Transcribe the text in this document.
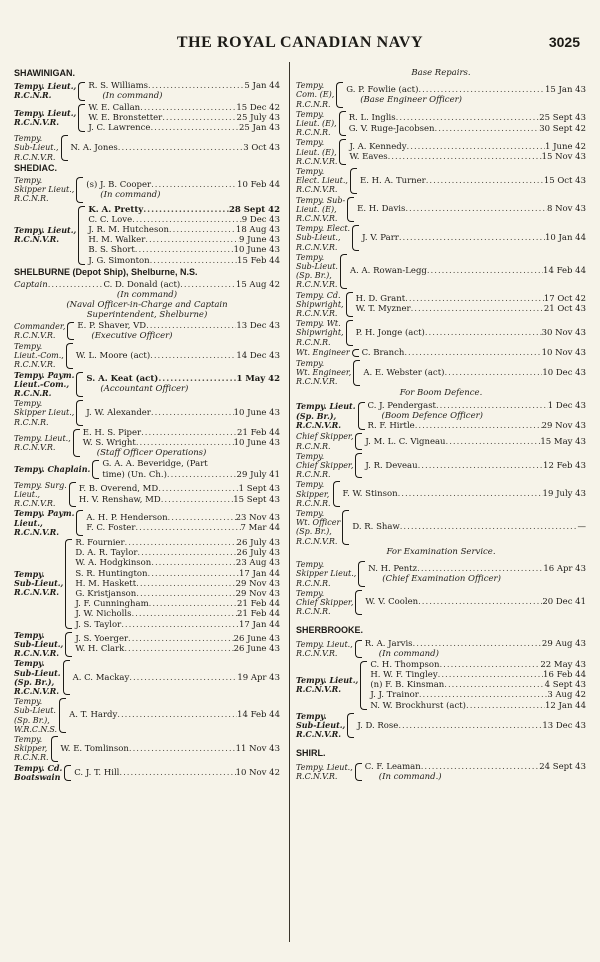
THE ROYAL CANADIAN NAVY	3025
SHAWINIGAN.
Tempy. Lieut.,
R.C.N.R.
R. S. Williams .....	5 Jan 44
(In command)
Tempy. Lieut.,
R.C.N.V.R.
W. E. Callan .....	15 Dec 42
W. E. Bronstetter .....	25 July 43
J. C. Lawrence .....	25 Jan 43
Tempy.
Sub-Lieut.,
R.C.N.V.R.
N. A. Jones .....	3 Oct 43
SHEDIAC.
Tempy.
Skipper Lieut.,
R.C.N.R.
(s) J. B. Cooper .....	10 Feb 44
(In command)
Tempy. Lieut.,
R.C.N.V.R.
K. A. Pretty .....	28 Sept 42
C. C. Love .....	9 Dec 43
J. R. M. Hutcheson .....	18 Aug 43
H. M. Walker .....	9 June 43
B. S. Short .....	10 June 43
J. G. Simonton .....	15 Feb 44
SHELBURNE (Depot Ship), Shelburne, N.S.
Captain .....	C. D. Donald (act) .....	15 Aug 42
(In command)
(Naval Officer-in-Charge and Captain
Superintendent, Shelburne)
Commander,
R.C.N.V.R.
E. P. Shaver, VD .....	13 Dec 43
(Executive Officer)
Tempy.
Lieut.-Com.,
R.C.N.V.R.
W. L. Moore (act) .....	14 Dec 43
Tempy. Paym.
Lieut.-Com.,
R.C.N.R.
S. A. Keat (act) .....	1 May 42
(Accountant Officer)
Tempy.
Skipper Lieut.,
R.C.N.R.
J. W. Alexander .....	10 June 43
Tempy. Lieut.,
R.C.N.V.R.
E. H. S. Piper .....	21 Feb 44
W. S. Wright .....	10 June 43
(Staff Officer Operations)
Tempy. Chaplain. G. A. A. Beveridge, (Part
time) (Un. Ch.) .....	29 July 41
Tempy. Surg.
Lieut.,
R.C.N.V.R.
F. B. Overend, MD .....	1 Sept 43
H. V. Renshaw, MD .....	15 Sept 43
Tempy. Paym.
Lieut.,
R.C.N.V.R.
A. H. P. Henderson .....	23 Nov 43
F. C. Foster .....	7 Mar 44
Tempy.
Sub-Lieut.,
R.C.N.V.R.
R. Fournier .....	26 July 43
D. A. R. Taylor .....	26 July 43
W. A. Hodgkinson .....	23 Aug 43
S. R. Huntington .....	17 Jan 44
H. M. Haskett .....	29 Nov 43
G. Kristjanson .....	29 Nov 43
J. F. Cunningham .....	21 Feb 44
J. W. Nicholls .....	21 Feb 44
J. S. Taylor .....	17 Jan 44
Tempy.
Sub-Lieut.,
R.C.N.V.R.
J. S. Yoerger .....	26 June 43
W. H. Clark .....	26 June 43
Tempy.
Sub-Lieut.
(Sp. Br.),
R.C.N.V.R.
A. C. Mackay .....	19 Apr 43
Tempy.
Sub-Lieut.
(Sp. Br.),
W.R.C.N.S.
A. T. Hardy .....	14 Feb 44
Tempy.
Skipper,
R.C.N.R.
W. E. Tomlinson .....	11 Nov 43
Tempy. Cd.
Boatswain C. J. T. Hill .....	10 Nov 42
Base Repairs.
Tempy.
Com. (E),
R.C.N.R.
G. P. Fowlie (act) .....	15 Jan 43
(Base Engineer Officer)
Tempy.
Lieut. (E),
R.C.N.R.
R. L. Inglis .....	25 Sept 43
G. V. Ruge-Jacobsen .....	30 Sept 42
Tempy.
Lieut. (E),
R.C.N.V.R.
J. A. Kennedy .....	1 June 42
W. Eaves .....	15 Nov 43
Tempy.
Elect. Lieut.,
R.C.N.V.R.
E. H. A. Turner .....	15 Oct 43
Tempy. Sub-
Lieut. (E),
R.C.N.V.R.
E. H. Davis .....	8 Nov 43
Tempy. Elect.
Sub-Lieut.,
R.C.N.V.R.
J. V. Parr .....	10 Jan 44
Tempy.
Sub-Lieut.
(Sp. Br.),
R.C.N.V.R.
A. A. Rowan-Legg .....	14 Feb 44
Tempy. Cd.
Shipwright,
R.C.N.V.R.
H. D. Grant .....	17 Oct 42
W. T. Myzner .....	21 Oct 43
Tempy. Wt.
Shipwright,
R.C.N.R.
P. H. Jonge (act) .....	30 Nov 43
Wt. Engineer C. Branch .....	10 Nov 43
Tempy.
Wt. Engineer,
R.C.N.V.R.
A. E. Webster (act) .....	10 Dec 43
For Boom Defence.
Tempy. Lieut.
(Sp. Br.),
R.C.N.V.R.
C. J. Pendergast .....	1 Dec 43
(Boom Defence Officer)
R. F. Hirtle .....	29 Nov 43
Chief Skipper,
R.C.N.R.	J. M. L. C. Vigneau .....	15 May 43
Tempy.
Chief Skipper,
R.C.N.R.
J. R. Deveau .....	12 Feb 43
Tempy.
Skipper,
R.C.N.R.
F. W. Stinson .....	19 July 43
Tempy.
Wt. Officer
(Sp. Br.),
R.C.N.V.R.
D. R. Shaw .....	—
For Examination Service.
Tempy.
Skipper Lieut.,
R.C.N.R.
N. H. Pentz .....	16 Apr 43
(Chief Examination Officer)
Tempy.
Chief Skipper,
R.C.N.R.
W. V. Coolen .....	20 Dec 41
SHERBROOKE.
Tempy. Lieut.,
R.C.N.V.R.
R. A. Jarvis .....	29 Aug 43
(In command)
Tempy. Lieut.,
R.C.N.V.R.
C. H. Thompson .....	22 May 43
H. W. F. Tingley .....	16 Feb 44
(n) F. B. Kinsman .....	4 Sept 43
J. J. Trainor .....	3 Aug 42
N. W. Brockhurst (act) .....	12 Jan 44
Tempy.
Sub-Lieut.,
R.C.N.V.R.
J. D. Rose .....	13 Dec 43
SHIRL.
Tempy. Lieut.,
R.C.N.V.R.
C. F. Leaman .....	24 Sept 43
(In command.)
